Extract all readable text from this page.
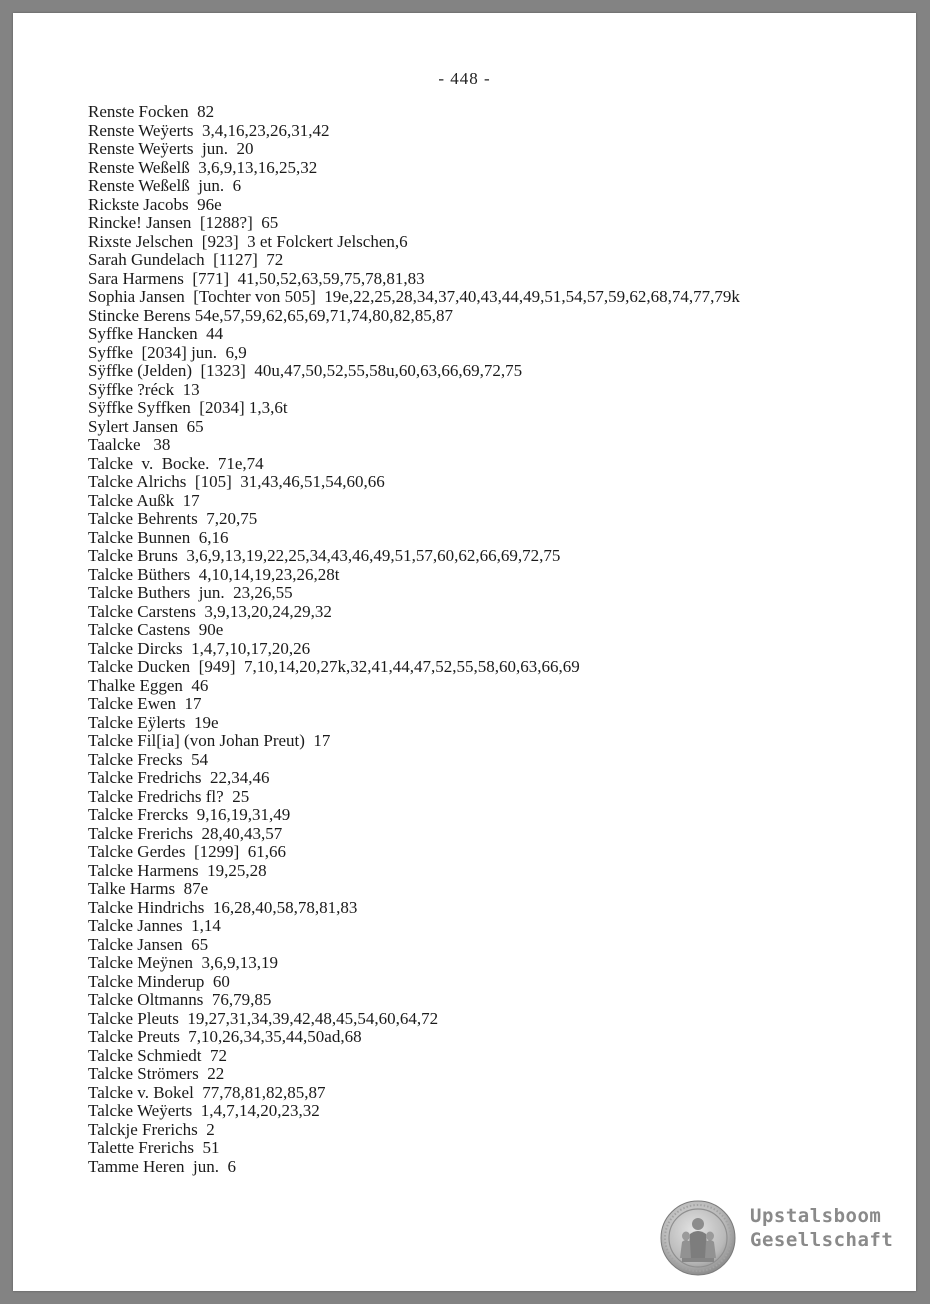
- 448 -
Renste Focken  82
Renste Weÿerts  3,4,16,23,26,31,42
Renste Weÿerts  jun.  20
Renste Weßelß  3,6,9,13,16,25,32
Renste Weßelß  jun.  6
Rickste Jacobs  96e
Rincke! Jansen  [1288?]  65
Rixste Jelschen  [923]  3 et Folckert Jelschen,6
Sarah Gundelach  [1127]  72
Sara Harmens  [771]  41,50,52,63,59,75,78,81,83
Sophia Jansen  [Tochter von 505]  19e,22,25,28,34,37,40,43,44,49,51,54,57,59,62,68,74,77,79k
Stincke Berens 54e,57,59,62,65,69,71,74,80,82,85,87
Syffke Hancken  44
Syffke  [2034] jun.  6,9
Sÿffke (Jelden)  [1323]  40u,47,50,52,55,58u,60,63,66,69,72,75
Sÿffke ?réck  13
Sÿffke Syffken  [2034] 1,3,6t
Sylert Jansen  65
Taalcke   38
Talcke  v.  Bocke.  71e,74
Talcke Alrichs  [105]  31,43,46,51,54,60,66
Talcke Außk  17
Talcke Behrents  7,20,75
Talcke Bunnen  6,16
Talcke Bruns  3,6,9,13,19,22,25,34,43,46,49,51,57,60,62,66,69,72,75
Talcke Büthers  4,10,14,19,23,26,28t
Talcke Buthers  jun.  23,26,55
Talcke Carstens  3,9,13,20,24,29,32
Talcke Castens  90e
Talcke Dircks  1,4,7,10,17,20,26
Talcke Ducken  [949]  7,10,14,20,27k,32,41,44,47,52,55,58,60,63,66,69
Thalke Eggen  46
Talcke Ewen  17
Talcke Eÿlerts  19e
Talcke Fil[ia] (von Johan Preut)  17
Talcke Frecks  54
Talcke Fredrichs  22,34,46
Talcke Fredrichs fl?  25
Talcke Frercks  9,16,19,31,49
Talcke Frerichs  28,40,43,57
Talcke Gerdes  [1299]  61,66
Talcke Harmens  19,25,28
Talke Harms  87e
Talcke Hindrichs  16,28,40,58,78,81,83
Talcke Jannes  1,14
Talcke Jansen  65
Talcke Meÿnen  3,6,9,13,19
Talcke Minderup  60
Talcke Oltmanns  76,79,85
Talcke Pleuts  19,27,31,34,39,42,48,45,54,60,64,72
Talcke Preuts  7,10,26,34,35,44,50ad,68
Talcke Schmiedt  72
Talcke Strömers  22
Talcke v. Bokel  77,78,81,82,85,87
Talcke Weÿerts  1,4,7,14,20,23,32
Talckje Frerichs  2
Talette Frerichs  51
Tamme Heren  jun.  6
Upstalsboom
Gesellschaft
